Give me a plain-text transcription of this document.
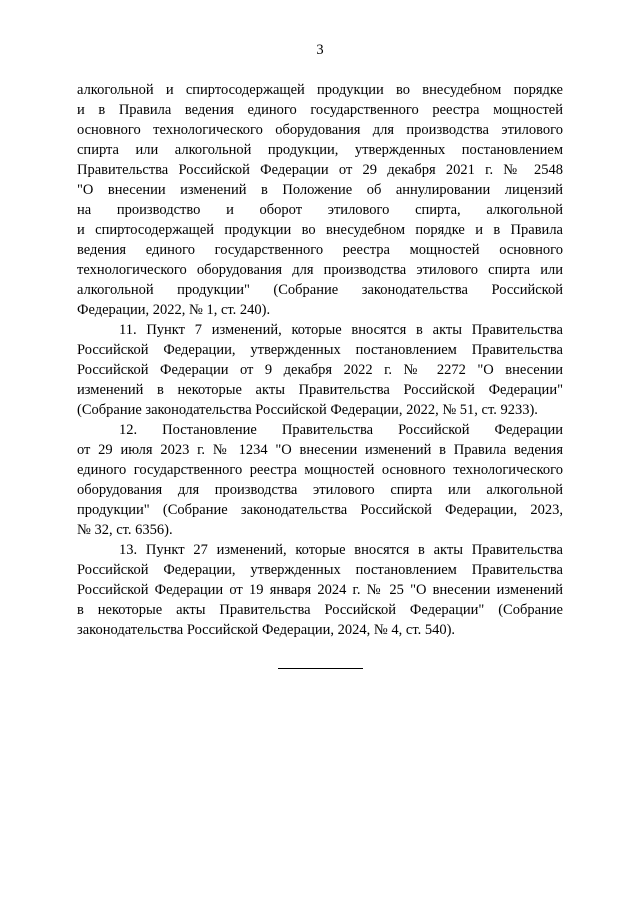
3
алкогольной и спиртосодержащей продукции во внесудебном порядке
и в Правила ведения единого государственного реестра мощностей
основного технологического оборудования для производства этилового
спирта или алкогольной продукции, утвержденных постановлением
Правительства Российской Федерации от 29 декабря 2021 г. № 2548
"О внесении изменений в Положение об аннулировании лицензий
на производство и оборот этилового спирта, алкогольной
и спиртосодержащей продукции во внесудебном порядке и в Правила
ведения единого государственного реестра мощностей основного
технологического оборудования для производства этилового спирта или
алкогольной продукции" (Собрание законодательства Российской
Федерации, 2022, № 1, ст. 240).
11. Пункт 7 изменений, которые вносятся в акты Правительства
Российской Федерации, утвержденных постановлением Правительства
Российской Федерации от 9 декабря 2022 г. № 2272 "О внесении
изменений в некоторые акты Правительства Российской Федерации"
(Собрание законодательства Российской Федерации, 2022, № 51, ст. 9233).
12. Постановление Правительства Российской Федерации
от 29 июля 2023 г. № 1234 "О внесении изменений в Правила ведения
единого государственного реестра мощностей основного технологического
оборудования для производства этилового спирта или алкогольной
продукции" (Собрание законодательства Российской Федерации, 2023,
№ 32, ст. 6356).
13. Пункт 27 изменений, которые вносятся в акты Правительства
Российской Федерации, утвержденных постановлением Правительства
Российской Федерации от 19 января 2024 г. № 25 "О внесении изменений
в некоторые акты Правительства Российской Федерации" (Собрание
законодательства Российской Федерации, 2024, № 4, ст. 540).
